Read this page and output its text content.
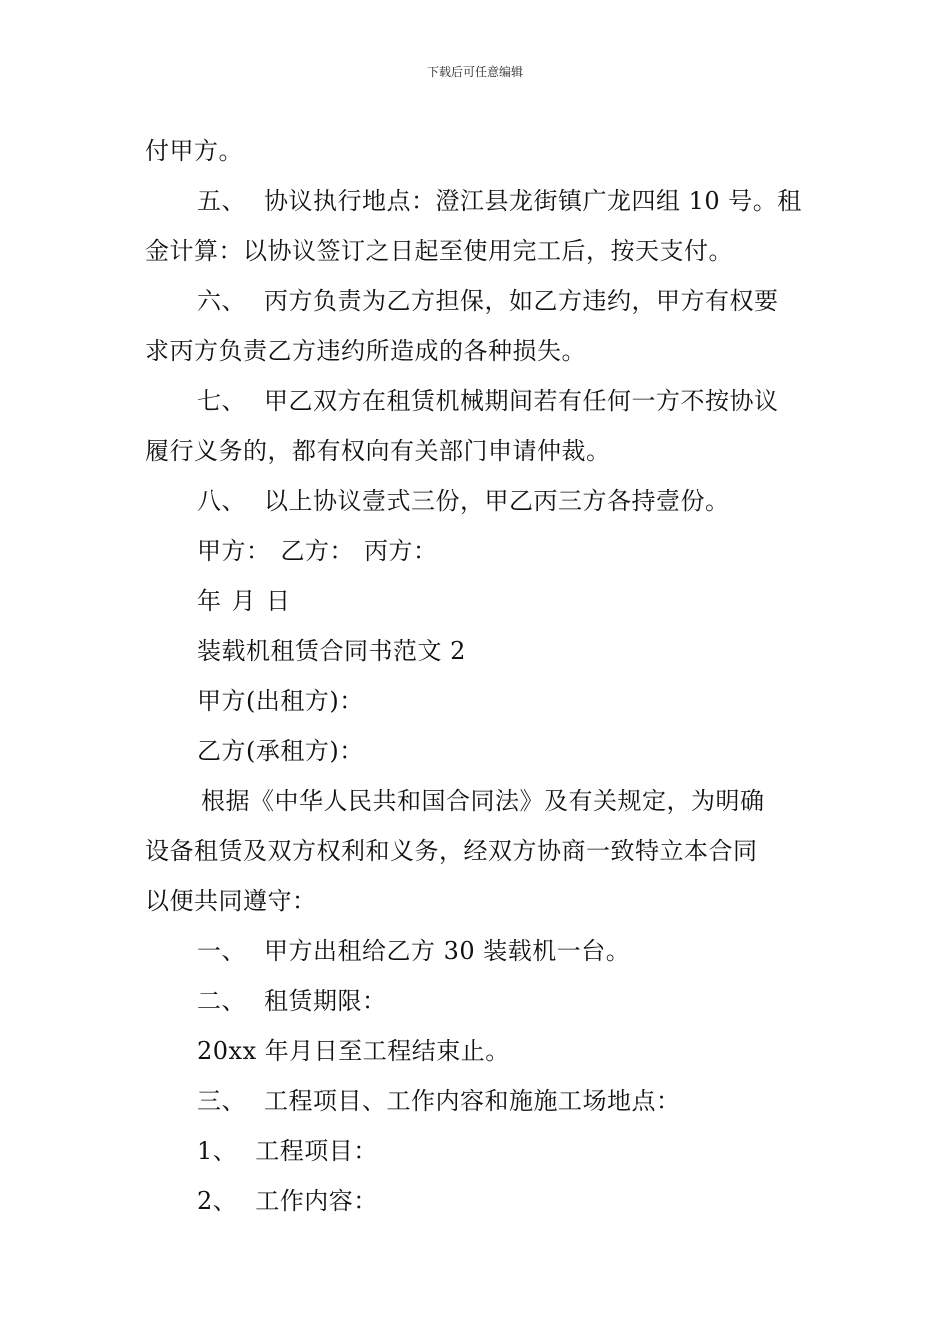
下载后可任意编辑
付甲方。
五、 协议执行地点：澄江县龙街镇广龙四组 10 号。租
金计算：以协议签订之日起至使用完工后，按天支付。
六、 丙方负责为乙方担保，如乙方违约，甲方有权要
求丙方负责乙方违约所造成的各种损失。
七、 甲乙双方在租赁机械期间若有任何一方不按协议
履行义务的，都有权向有关部门申请仲裁。
八、 以上协议壹式三份，甲乙丙三方各持壹份。
甲方： 乙方： 丙方：
年 月 日
装载机租赁合同书范文 2
甲方(出租方)：
乙方(承租方)：
根据《中华人民共和国合同法》及有关规定，为明确
设备租赁及双方权利和义务，经双方协商一致特立本合同
以便共同遵守：
一、 甲方出租给乙方 30 装载机一台。
二、 租赁期限：
20xx 年月日至工程结束止。
三、 工程项目、工作内容和施施工场地点：
1、 工程项目：
2、 工作内容：
